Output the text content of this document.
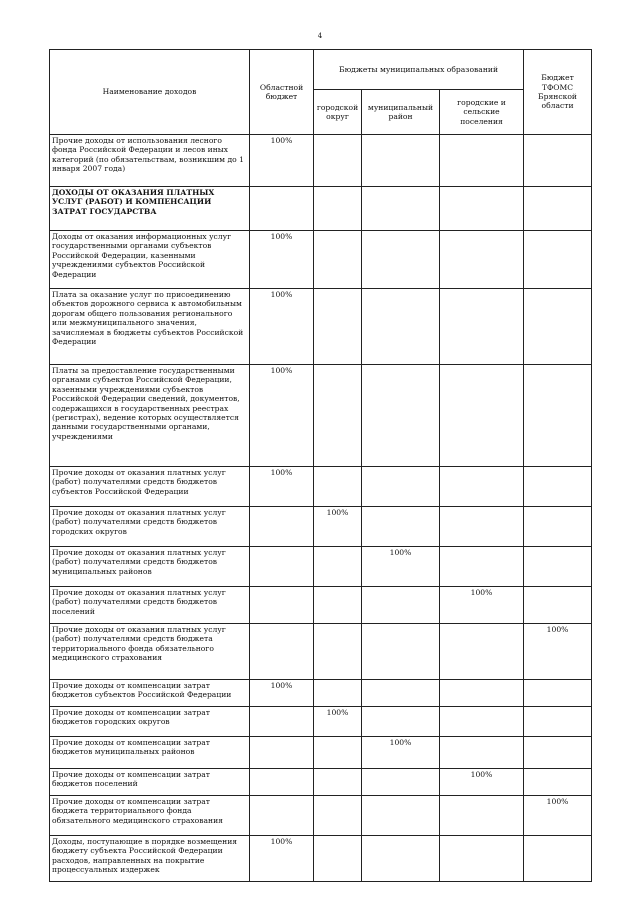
4
Наименование доходов	Областной бюджет	Бюджеты муниципальных образований			Бюджет ТФОМС Брянской области
		городской округ	муниципальный район	городские и сельские поселения	
Прочие доходы от использования лесного фонда Российской Федерации и лесов иных категорий (по обязательствам, возникшим до 1 января 2007 года)	100%				
ДОХОДЫ ОТ ОКАЗАНИЯ ПЛАТНЫХ УСЛУГ (РАБОТ) И КОМПЕНСАЦИИ ЗАТРАТ ГОСУДАРСТВА					
Доходы от оказания информационных услуг государственными органами субъектов Российской Федерации, казенными учреждениями субъектов Российской Федерации	100%				
Плата за оказание услуг по присоединению объектов дорожного сервиса к автомобильным дорогам общего пользования регионального или межмуниципального значения, зачисляемая в бюджеты субъектов Российской Федерации	100%				
Платы за предоставление государственными органами субъектов Российской Федерации, казенными учреждениями субъектов Российской Федерации сведений, документов, содержащихся в государственных реестрах (регистрах), ведение которых осуществляется данными государственными органами, учреждениями	100%				
Прочие доходы от оказания платных услуг (работ) получателями средств бюджетов субъектов Российской Федерации	100%				
Прочие доходы от оказания платных услуг (работ) получателями средств бюджетов городских округов		100%			
Прочие доходы от оказания платных услуг (работ) получателями средств бюджетов муниципальных районов			100%		
Прочие доходы от оказания платных услуг (работ) получателями средств бюджетов поселений				100%	
Прочие доходы от оказания платных услуг (работ) получателями средств бюджета территориального фонда обязательного медицинского страхования					100%
Прочие доходы от компенсации затрат бюджетов субъектов Российской Федерации	100%				
Прочие доходы от компенсации затрат бюджетов городских округов		100%			
Прочие доходы от компенсации затрат бюджетов муниципальных районов			100%		
Прочие доходы от компенсации затрат бюджетов поселений				100%	
Прочие доходы от компенсации затрат бюджета территориального фонда обязательного медицинского страхования					100%
Доходы, поступающие в порядке возмещения бюджету субъекта Российской Федерации расходов, направленных на покрытие процессуальных издержек	100%				
